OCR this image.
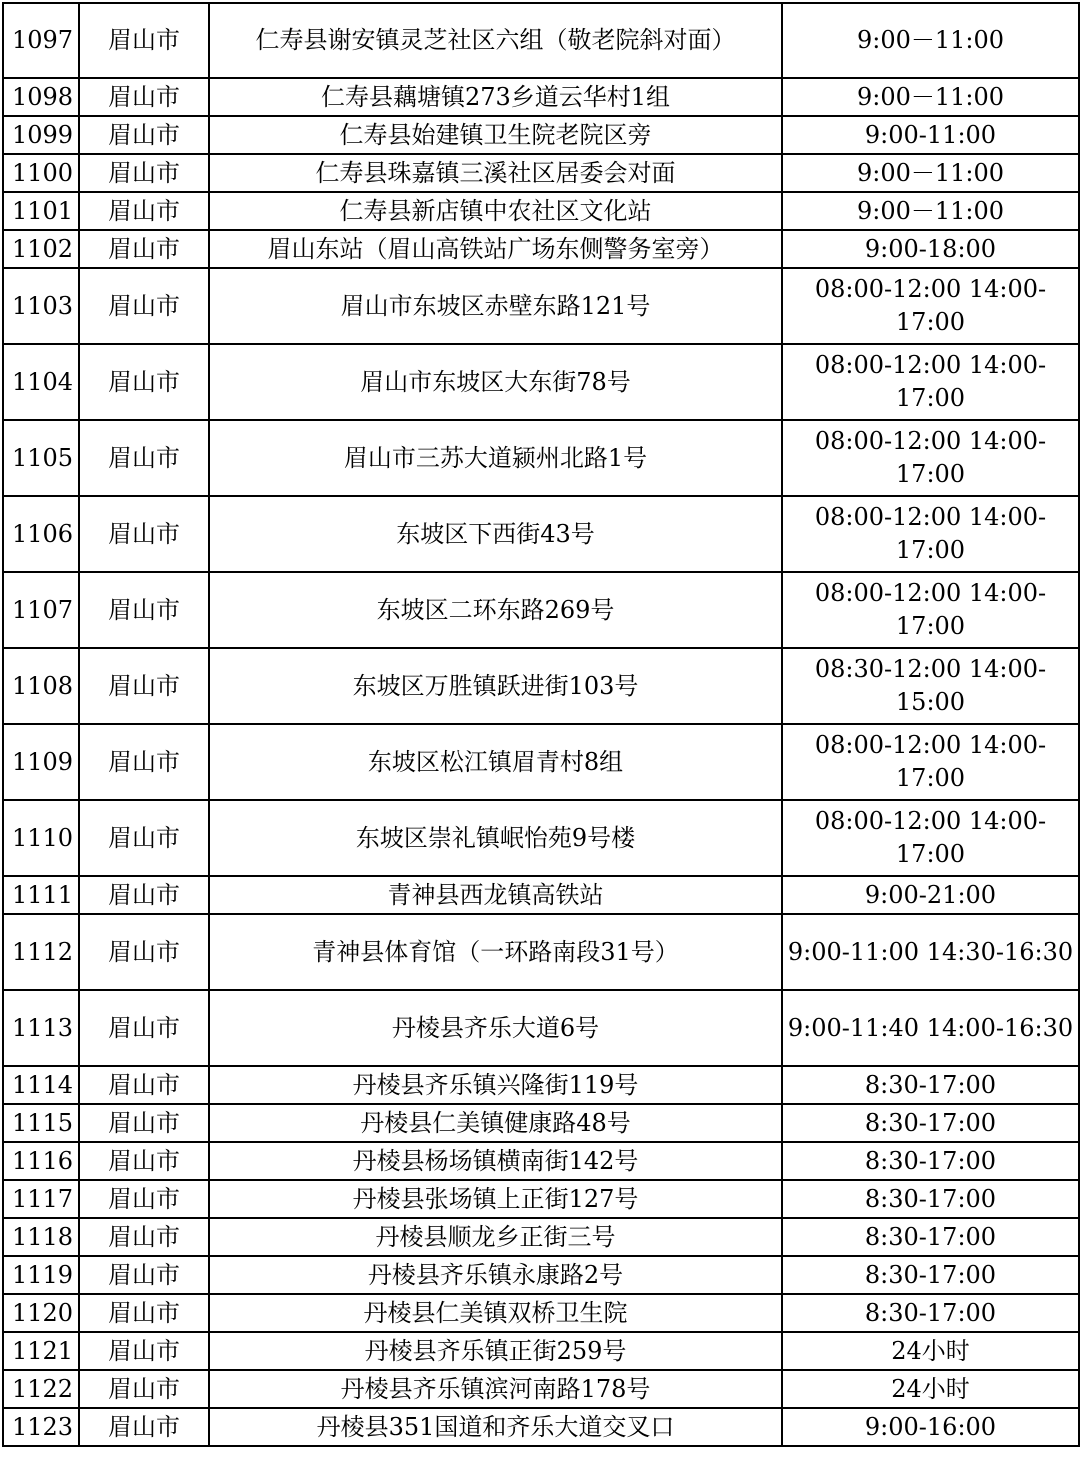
1097	眉山市	仁寿县谢安镇灵芝社区六组（敬老院斜对面）	9:00－11:00
1098	眉山市	仁寿县藕塘镇273乡道云华村1组	9:00－11:00
1099	眉山市	仁寿县始建镇卫生院老院区旁	9:00-11:00
1100	眉山市	仁寿县珠嘉镇三溪社区居委会对面	9:00－11:00
1101	眉山市	仁寿县新店镇中农社区文化站	9:00－11:00
1102	眉山市	眉山东站（眉山高铁站广场东侧警务室旁）	9:00-18:00
1103	眉山市	眉山市东坡区赤壁东路121号	08:00-12:00 14:00-17:00
1104	眉山市	眉山市东坡区大东街78号	08:00-12:00 14:00-17:00
1105	眉山市	眉山市三苏大道颍州北路1号	08:00-12:00 14:00-17:00
1106	眉山市	东坡区下西街43号	08:00-12:00 14:00-17:00
1107	眉山市	东坡区二环东路269号	08:00-12:00 14:00-17:00
1108	眉山市	东坡区万胜镇跃进街103号	08:30-12:00 14:00-15:00
1109	眉山市	东坡区松江镇眉青村8组	08:00-12:00 14:00-17:00
1110	眉山市	东坡区崇礼镇岷怡苑9号楼	08:00-12:00 14:00-17:00
1111	眉山市	青神县西龙镇高铁站	9:00-21:00
1112	眉山市	青神县体育馆（一环路南段31号）	9:00-11:00 14:30-16:30
1113	眉山市	丹棱县齐乐大道6号	9:00-11:40 14:00-16:30
1114	眉山市	丹棱县齐乐镇兴隆街119号	8:30-17:00
1115	眉山市	丹棱县仁美镇健康路48号	8:30-17:00
1116	眉山市	丹棱县杨场镇横南街142号	8:30-17:00
1117	眉山市	丹棱县张场镇上正街127号	8:30-17:00
1118	眉山市	丹棱县顺龙乡正街三号	8:30-17:00
1119	眉山市	丹棱县齐乐镇永康路2号	8:30-17:00
1120	眉山市	丹棱县仁美镇双桥卫生院	8:30-17:00
1121	眉山市	丹棱县齐乐镇正街259号	24小时
1122	眉山市	丹棱县齐乐镇滨河南路178号	24小时
1123	眉山市	丹棱县351国道和齐乐大道交叉口	9:00-16:00
